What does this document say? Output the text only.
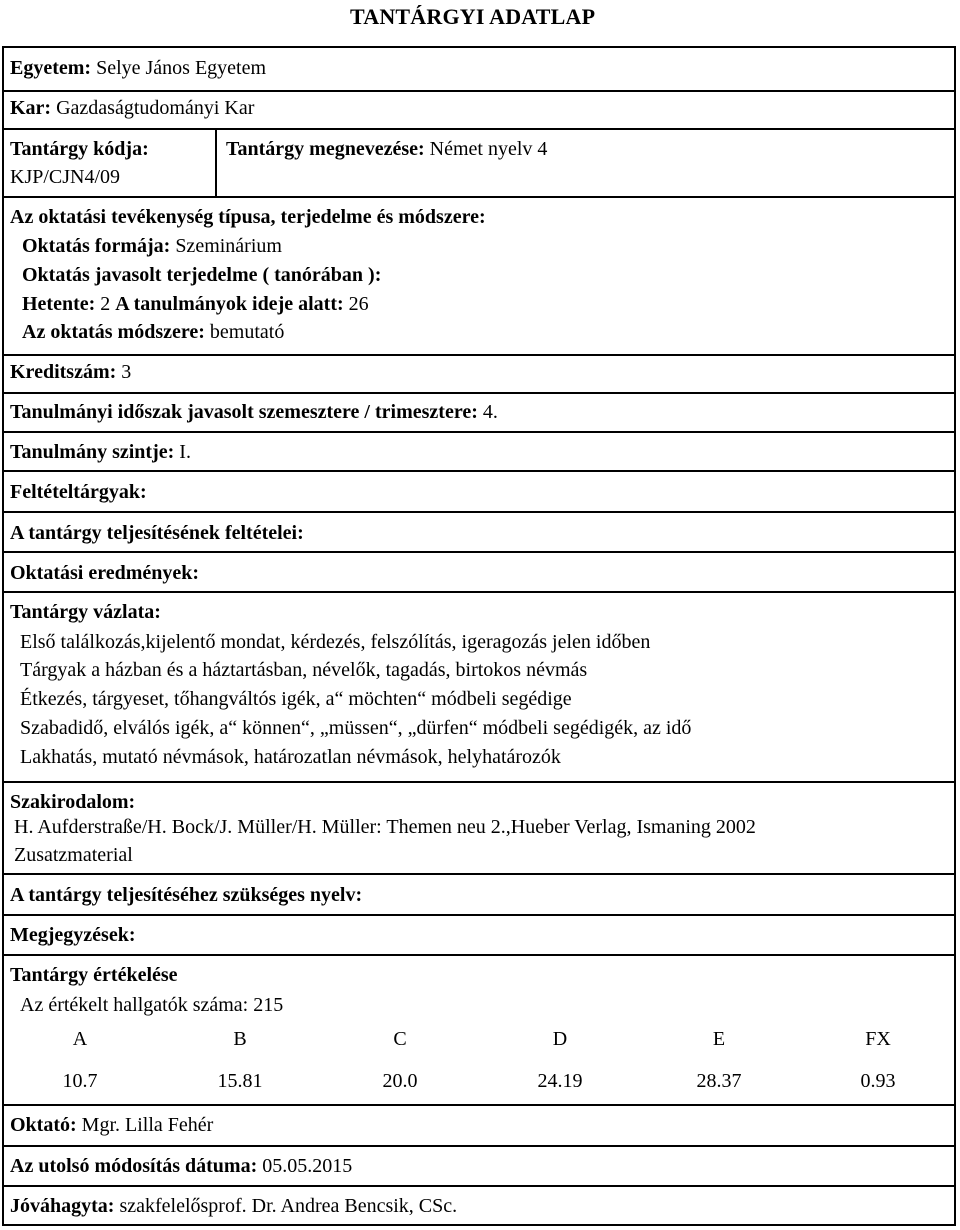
TANTÁRGYI ADATLAP
Egyetem: Selye János Egyetem
Kar: Gazdaságtudományi Kar
Tantárgy kódja:
KJP/CJN4/09
Tantárgy megnevezése: Német nyelv 4
Az oktatási tevékenység típusa, terjedelme és módszere:
Oktatás formája: Szeminárium
Oktatás javasolt terjedelme ( tanórában ):
Hetente: 2 A tanulmányok ideje alatt: 26
Az oktatás módszere: bemutató
Kreditszám: 3
Tanulmányi időszak javasolt szemesztere / trimesztere: 4.
Tanulmány szintje: I.
Feltételtárgyak:
A tantárgy teljesítésének feltételei:
Oktatási eredmények:
Tantárgy vázlata:
Első találkozás,kijelentő mondat, kérdezés, felszólítás, igeragozás jelen időben
Tárgyak a házban és a háztartásban, névelők, tagadás, birtokos névmás
Étkezés, tárgyeset, tőhangváltós igék, a“ möchten“ módbeli segédige
Szabadidő, elválós igék, a“ können“, „müssen“, „dürfen“ módbeli segédigék, az idő
Lakhatás, mutató névmások, határozatlan névmások, helyhatározók
Szakirodalom:
H. Aufderstraße/H. Bock/J. Müller/H. Müller: Themen neu 2.,Hueber Verlag, Ismaning 2002
Zusatzmaterial
A tantárgy teljesítéséhez szükséges nyelv:
Megjegyzések:
Tantárgy értékelése
Az értékelt hallgatók száma: 215
A	B	C	D	E	FX
10.7	15.81	20.0	24.19	28.37	0.93
Oktató: Mgr. Lilla Fehér
Az utolsó módosítás dátuma: 05.05.2015
Jóváhagyta: szakfelelősprof. Dr. Andrea Bencsik, CSc.
